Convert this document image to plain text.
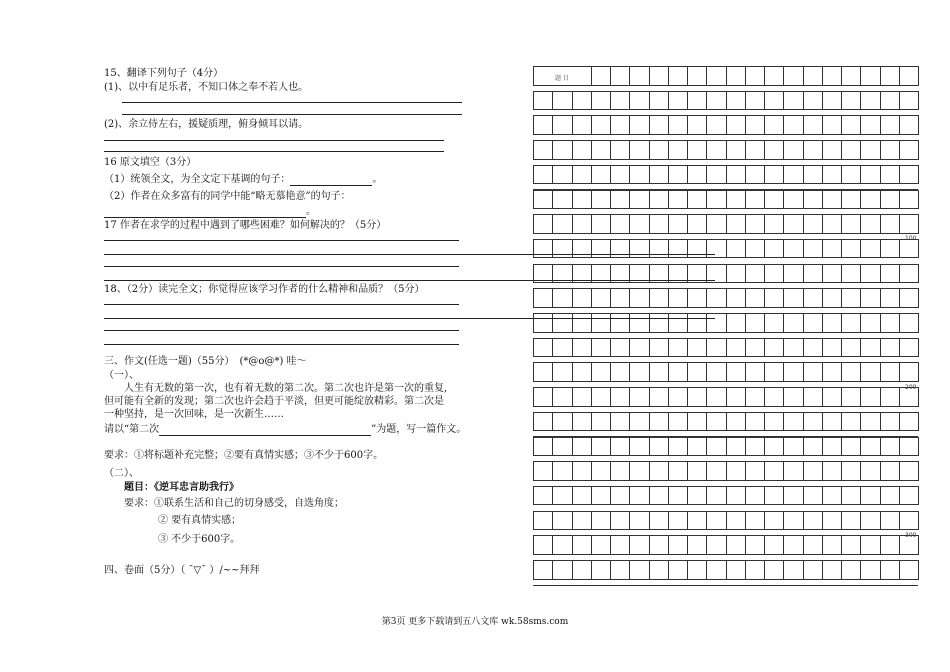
15、翻译下列句子（4分）
(1)、以中有足乐者，不知口体之奉不若人也。
(2)、余立侍左右，援疑质理，俯身倾耳以请。
16 原文填空（3分）
（1）统领全文，为全文定下基调的句子：	。
（2）作者在众多富有的同学中能“略无慕艳意”的句子：
。
17 作者在求学的过程中遇到了哪些困难？如何解决的？（5分）
18、（2分）读完全文；你觉得应该学习作者的什么精神和品质？（5分）
三、作文(任选一题)（55分）　(*@ο@*) 哇～
（一）、
人生有无数的第一次，也有着无数的第二次。第二次也许是第一次的重复,
但可能有全新的发现；第二次也许会趋于平淡，但更可能绽放精彩。第二次是
一种坚持，是一次回味，是一次新生……
请以“第二次	”为题，写一篇作文。
要求：①将标题补充完整；②要有真情实感；③不少于600字。
（二）、
题目：《逆耳忠言助我行》
要求：①联系生活和自己的切身感受，自选角度；
② 要有真情实感；
③ 不少于600字。
四、卷面（5分）（ ˉ▽ˉ ）/~~拜拜
题 目
100
200
300
第3页 更多下载请到五八文库 wk.58sms.com
